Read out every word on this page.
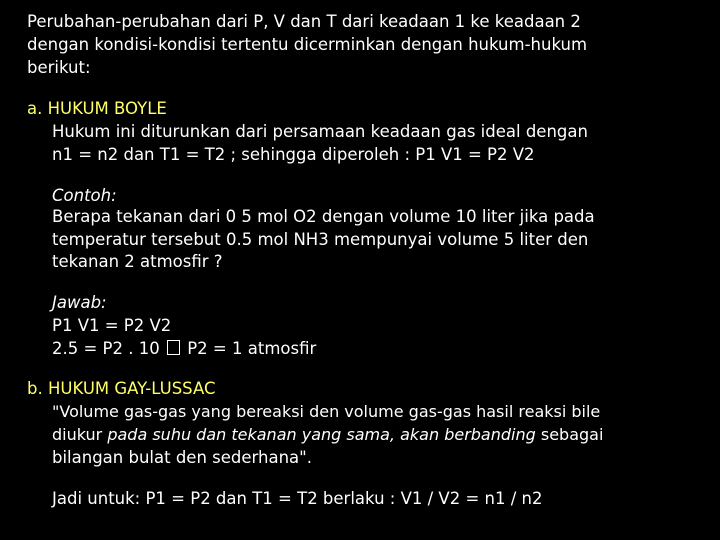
Perubahan-perubahan dari P, V dan T dari keadaan 1 ke keadaan 2
dengan kondisi-kondisi tertentu dicerminkan dengan hukum-hukum
berikut:
a. HUKUM BOYLE
Hukum ini diturunkan dari persamaan keadaan gas ideal dengan
n1 = n2 dan T1 = T2 ; sehingga diperoleh : P1 V1 = P2 V2
Contoh:
Berapa tekanan dari 0 5 mol O2 dengan volume 10 liter jika pada
temperatur tersebut 0.5 mol NH3 mempunyai volume 5 liter den
tekanan 2 atmosfir ?
Jawab:
P1 V1 = P2 V2
2.5 = P2 . 10 P2 = 1 atmosfir
b. HUKUM GAY-LUSSAC
"Volume gas-gas yang bereaksi den volume gas-gas hasil reaksi bile
diukur pada suhu dan tekanan yang sama, akan berbanding sebagai
bilangan bulat den sederhana".
Jadi untuk: P1 = P2 dan T1 = T2 berlaku : V1 / V2 = n1 / n2
